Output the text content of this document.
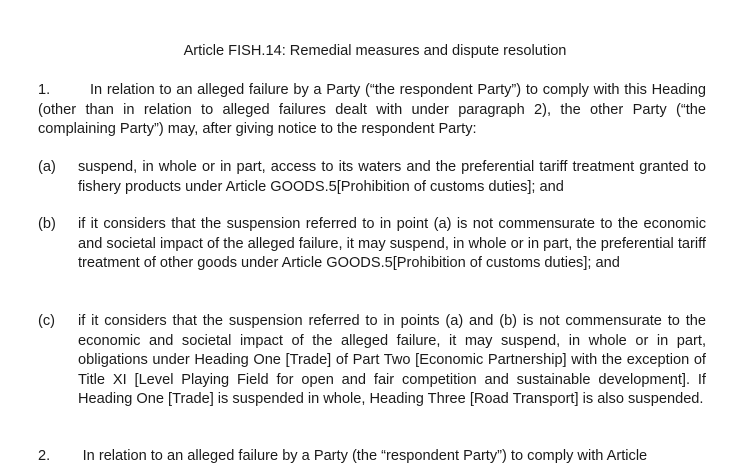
Article FISH.14: Remedial measures and dispute resolution
1.	In relation to an alleged failure by a Party (“the respondent Party”) to comply with this Heading (other than in relation to alleged failures dealt with under paragraph 2), the other Party (“the complaining Party”) may, after giving notice to the respondent Party:
(a)	suspend, in whole or in part, access to its waters and the preferential tariff treatment granted to fishery products under Article GOODS.5[Prohibition of customs duties]; and
(b)	if it considers that the suspension referred to in point (a) is not commensurate to the economic and societal impact of the alleged failure, it may suspend, in whole or in part, the preferential tariff treatment of other goods under Article GOODS.5[Prohibition of customs duties]; and
(c)	if it considers that the suspension referred to in points (a) and (b) is not commensurate to the economic and societal impact of the alleged failure, it may suspend, in whole or in part, obligations under Heading One [Trade] of Part Two [Economic Partnership] with the exception of Title XI [Level Playing Field for open and fair competition and sustainable development]. If Heading One [Trade] is suspended in whole, Heading Three [Road Transport] is also suspended.
2. In relation to an alleged failure by a Party (the “respondent Party”) to comply with Article
